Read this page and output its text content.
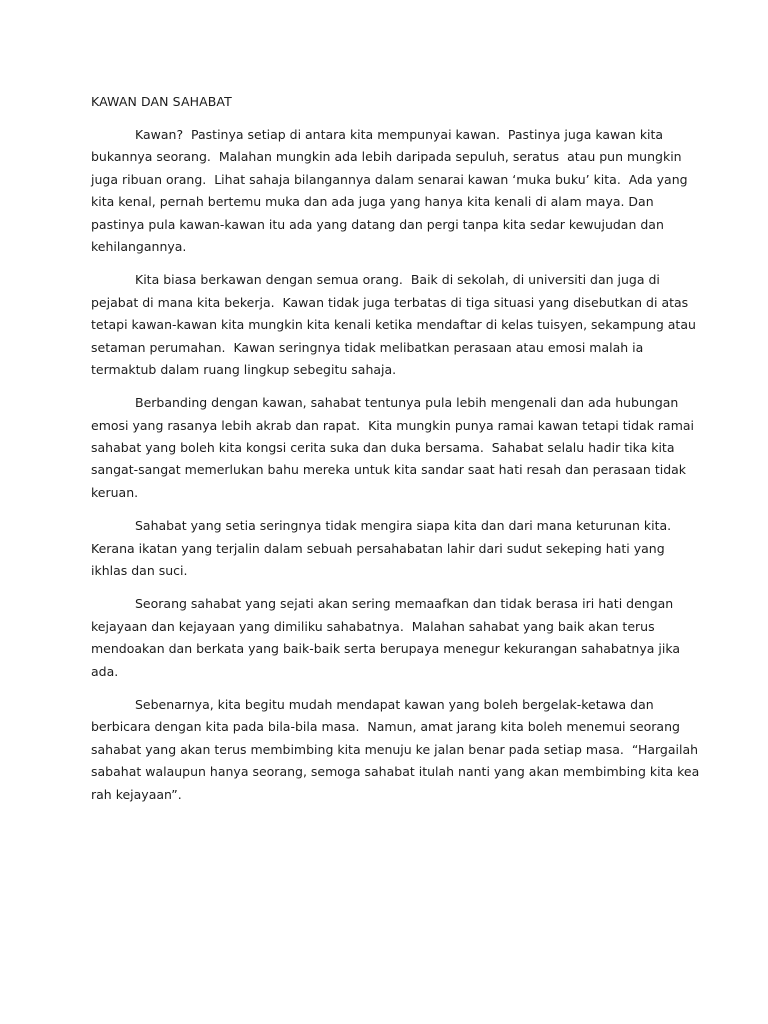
KAWAN DAN SAHABAT
Kawan?  Pastinya setiap di antara kita mempunyai kawan.  Pastinya juga kawan kita
bukannya seorang.  Malahan mungkin ada lebih daripada sepuluh, seratus  atau pun mungkin
juga ribuan orang.  Lihat sahaja bilangannya dalam senarai kawan ‘muka buku’ kita.  Ada yang
kita kenal, pernah bertemu muka dan ada juga yang hanya kita kenali di alam maya. Dan
pastinya pula kawan-kawan itu ada yang datang dan pergi tanpa kita sedar kewujudan dan
kehilangannya.
Kita biasa berkawan dengan semua orang.  Baik di sekolah, di universiti dan juga di
pejabat di mana kita bekerja.  Kawan tidak juga terbatas di tiga situasi yang disebutkan di atas
tetapi kawan-kawan kita mungkin kita kenali ketika mendaftar di kelas tuisyen, sekampung atau
setaman perumahan.  Kawan seringnya tidak melibatkan perasaan atau emosi malah ia
termaktub dalam ruang lingkup sebegitu sahaja.
Berbanding dengan kawan, sahabat tentunya pula lebih mengenali dan ada hubungan
emosi yang rasanya lebih akrab dan rapat.  Kita mungkin punya ramai kawan tetapi tidak ramai
sahabat yang boleh kita kongsi cerita suka dan duka bersama.  Sahabat selalu hadir tika kita
sangat-sangat memerlukan bahu mereka untuk kita sandar saat hati resah dan perasaan tidak
keruan.
Sahabat yang setia seringnya tidak mengira siapa kita dan dari mana keturunan kita.
Kerana ikatan yang terjalin dalam sebuah persahabatan lahir dari sudut sekeping hati yang
ikhlas dan suci.
Seorang sahabat yang sejati akan sering memaafkan dan tidak berasa iri hati dengan
kejayaan dan kejayaan yang dimiliku sahabatnya.  Malahan sahabat yang baik akan terus
mendoakan dan berkata yang baik-baik serta berupaya menegur kekurangan sahabatnya jika
ada.
Sebenarnya, kita begitu mudah mendapat kawan yang boleh bergelak-ketawa dan
berbicara dengan kita pada bila-bila masa.  Namun, amat jarang kita boleh menemui seorang
sahabat yang akan terus membimbing kita menuju ke jalan benar pada setiap masa.  “Hargailah
sabahat walaupun hanya seorang, semoga sahabat itulah nanti yang akan membimbing kita kea
rah kejayaan”.
